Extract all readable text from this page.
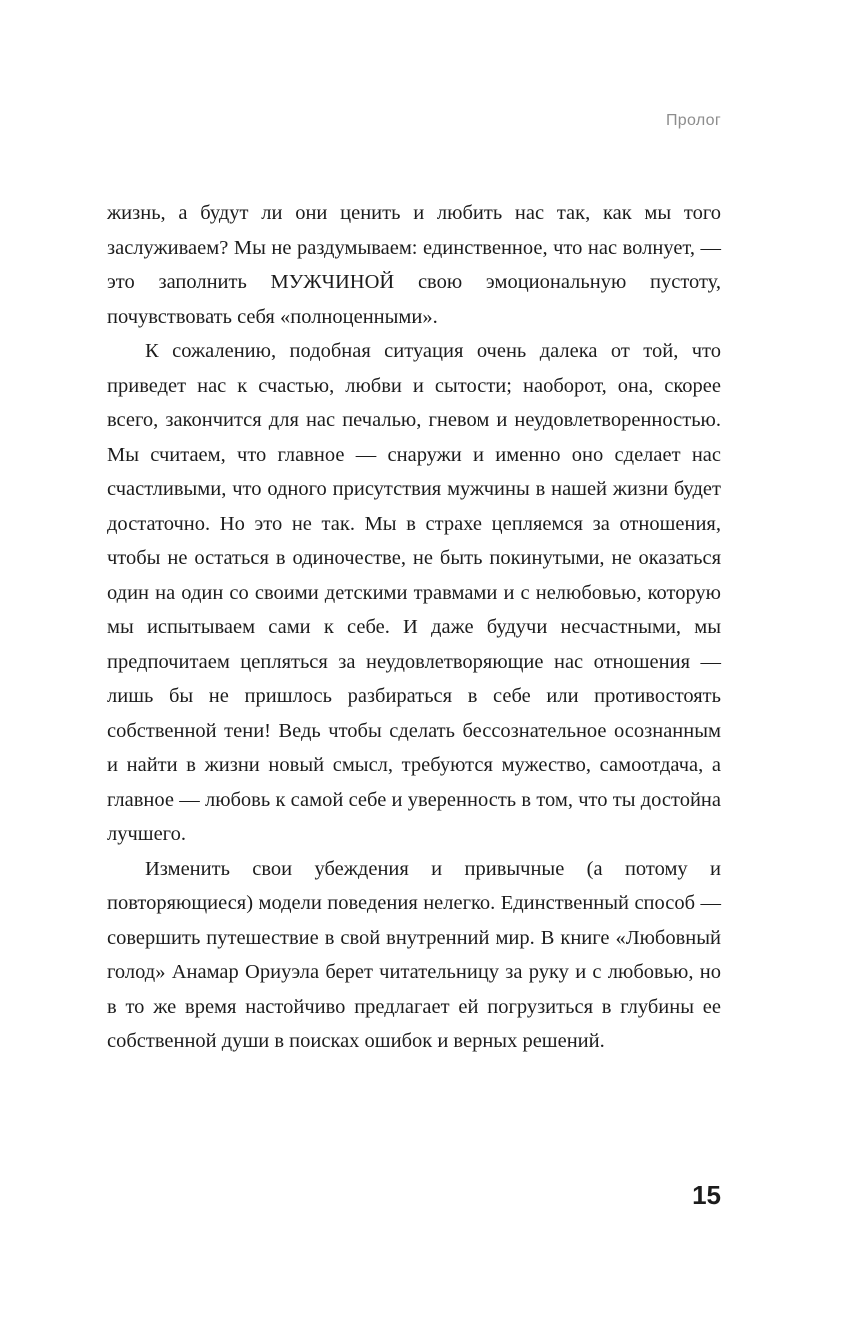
Пролог

жизнь, а будут ли они ценить и любить нас так, как мы того заслуживаем? Мы не раздумываем: единственное, что нас волнует, — это заполнить МУЖЧИНОЙ свою эмоциональную пустоту, почувствовать себя «полноценными».

К сожалению, подобная ситуация очень далека от той, что приведет нас к счастью, любви и сытости; наоборот, она, скорее всего, закончится для нас печалью, гневом и неудовлетворенностью. Мы считаем, что главное — снаружи и именно оно сделает нас счастливыми, что одного присутствия мужчины в нашей жизни будет достаточно. Но это не так. Мы в страхе цепляемся за отношения, чтобы не остаться в одиночестве, не быть покинутыми, не оказаться один на один со своими детскими травмами и с нелюбовью, которую мы испытываем сами к себе. И даже будучи несчастными, мы предпочитаем цепляться за неудовлетворяющие нас отношения — лишь бы не пришлось разбираться в себе или противостоять собственной тени! Ведь чтобы сделать бессознательное осознанным и найти в жизни новый смысл, требуются мужество, самоотдача, а главное — любовь к самой себе и уверенность в том, что ты достойна лучшего.

Изменить свои убеждения и привычные (а потому и повторяющиеся) модели поведения нелегко. Единственный способ — совершить путешествие в свой внутренний мир. В книге «Любовный голод» Анамар Ориуэла берет читательницу за руку и с любовью, но в то же время настойчиво предлагает ей погрузиться в глубины ее собственной души в поисках ошибок и верных решений.

15
